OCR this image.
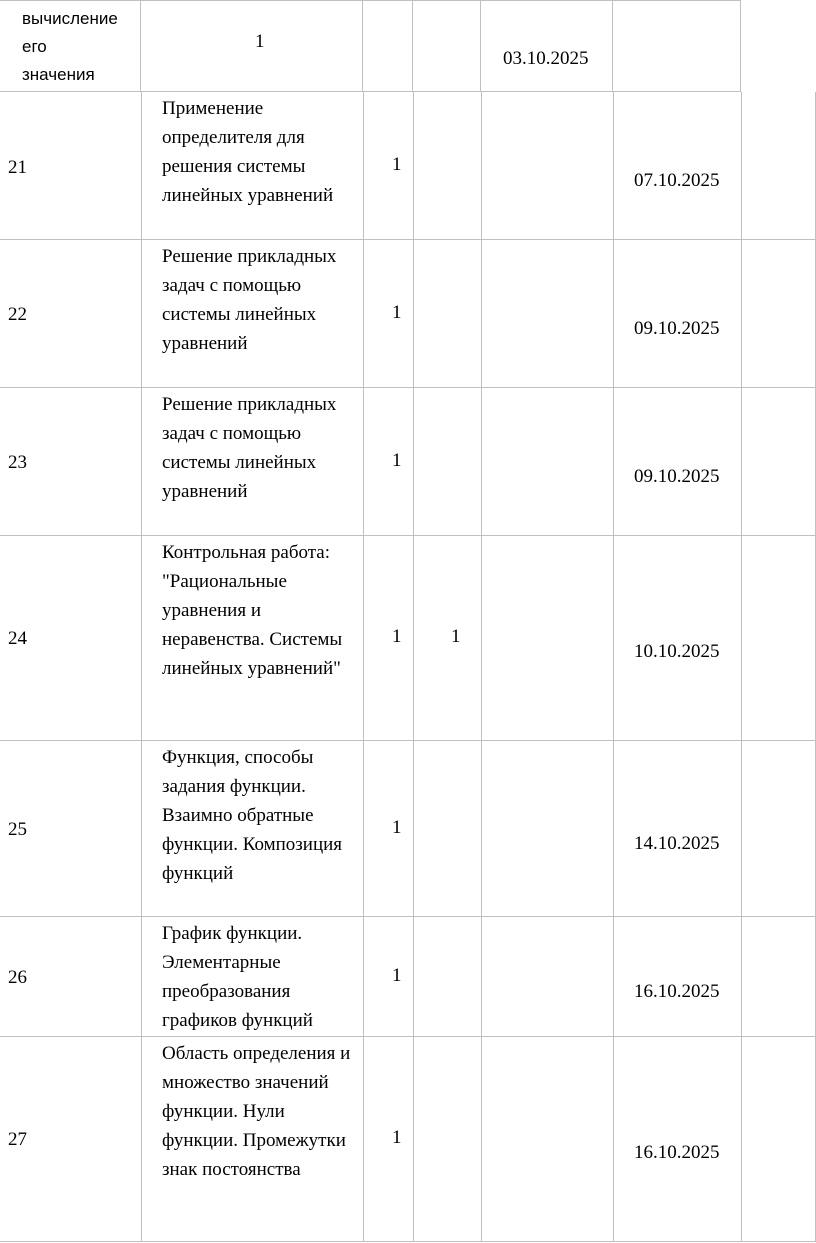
вычисление
его
значения
1
03.10.2025
21
Применение определителя для решения системы линейных уравнений
1
07.10.2025
22
Решение прикладных задач с помощью системы линейных уравнений
1
09.10.2025
23
Решение прикладных задач с помощью системы линейных уравнений
1
09.10.2025
24
Контрольная работа: "Рациональные уравнения и неравенства. Системы линейных уравнений"
1	1
10.10.2025
25
Функция, способы задания функции. Взаимно обратные функции. Композиция функций
1
14.10.2025
26
График функции. Элементарные преобразования графиков функций
1
16.10.2025
27
Область определения и множество значений функции. Нули функции. Промежутки знак постоянства
1
16.10.2025
